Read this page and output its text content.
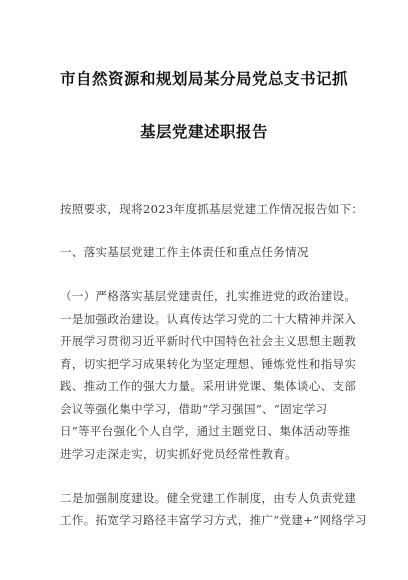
市自然资源和规划局某分局党总支书记抓
基层党建述职报告
按照要求，现将2023年度抓基层党建工作情况报告如下：
一、落实基层党建工作主体责任和重点任务情况
（一）严格落实基层党建责任，扎实推进党的政治建设。
一是加强政治建设。认真传达学习党的二十大精神并深入
开展学习贯彻习近平新时代中国特色社会主义思想主题教
育，切实把学习成果转化为坚定理想、锤炼党性和指导实
践、推动工作的强大力量。采用讲党课、集体谈心、支部
会议等强化集中学习，借助“学习强国”、“固定学习
日”等平台强化个人自学，通过主题党日、集体活动等推
进学习走深走实，切实抓好党员经常性教育。
二是加强制度建设。健全党建工作制度，由专人负责党建
工作。拓宽学习路径丰富学习方式，推广“党建+”网络学习
